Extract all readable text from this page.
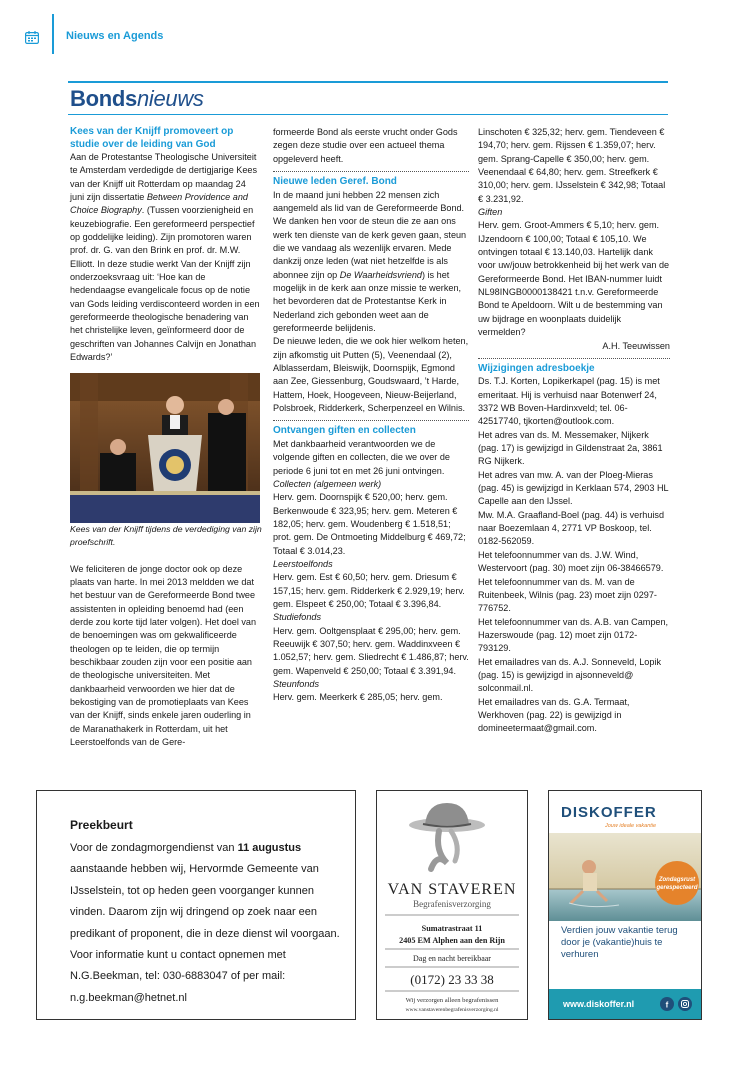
Nieuws en Agends
Bondsnieuws

Kees van der Knijff promoveert op studie over de leiding van God

Aan de Protestantse Theologische Universiteit te Amsterdam verdedigde de dertigjarige Kees van der Knijff uit Rotterdam op maandag 24 juni zijn dissertatie Between Providence and Choice Biography. (Tussen voorzienigheid en keuzebiografie. Een gereformeerd perspectief op goddelijke leiding). Zijn promotoren waren prof. dr. G. van den Brink en prof. dr. M.W. Elliott. In deze studie werkt Van der Knijff zijn onderzoeksvraag uit: ‘Hoe kan de hedendaagse evangelicale focus op de notie van Gods leiding verdisconteerd worden in een gereformeerde theologische benadering van het christelijke leven, geïnformeerd door de geschriften van Johannes Calvijn en Jonathan Edwards?’

Kees van der Knijff tijdens de verdediging van zijn proefschrift.

We feliciteren de jonge doctor ook op deze plaats van harte. In mei 2013 meldden we dat het bestuur van de Gereformeerde Bond twee assistenten in opleiding benoemd had (een derde zou korte tijd later volgen). Het doel van de benoemingen was om gekwalificeerde theologen op te leiden, die op termijn beschikbaar zouden zijn voor een positie aan de theologische universiteiten. Met dankbaarheid verwoorden we hier dat de bekostiging van de promotieplaats van Kees van der Knijff, sinds enkele jaren ouderling in de Maranathakerk in Rotterdam, uit het Leerstoelfonds van de Gere-

formeerde Bond als eerste vrucht onder Gods zegen deze studie over een actueel thema opgeleverd heeft.

Nieuwe leden Geref. Bond

In de maand juni hebben 22 mensen zich aangemeld als lid van de Gereformeerde Bond. We danken hen voor de steun die ze aan ons werk ten dienste van de kerk geven gaan, steun die we vandaag als wezenlijk ervaren. Mede dankzij onze leden (wat niet hetzelfde is als abonnee zijn op De Waarheidsvriend) is het mogelijk in de kerk aan onze missie te werken, het bevorderen dat de Protestantse Kerk in Nederland zich gebonden weet aan de gereformeerde belijdenis.

De nieuwe leden, die we ook hier welkom heten, zijn afkomstig uit Putten (5), Veenendaal (2), Alblasserdam, Bleiswijk, Doornspijk, Egmond aan Zee, Giessenburg, Goudswaard, ’t Harde, Hattem, Hoek, Hoogeveen, Nieuw-Beijerland, Polsbroek, Ridderkerk, Scherpenzeel en Wilnis.

Ontvangen giften en collecten

Met dankbaarheid verantwoorden we de volgende giften en collecten, die we over de periode 6 juni tot en met 26 juni ontvingen.

Collecten (algemeen werk)

Herv. gem. Doornspijk € 520,00; herv. gem. Berkenwoude € 323,95; herv. gem. Meteren € 182,05; herv. gem. Woudenberg € 1.518,51; prot. gem. De Ontmoeting Middelburg € 469,72; Totaal € 3.014,23.

Leerstoelfonds

Herv. gem. Est € 60,50; herv. gem. Driesum € 157,15; herv. gem. Ridderkerk € 2.929,19; herv. gem. Elspeet € 250,00; Totaal € 3.396,84.

Studiefonds

Herv. gem. Ooltgensplaat € 295,00; herv. gem. Reeuwijk € 307,50; herv. gem. Waddinxveen € 1.052,57; herv. gem. Sliedrecht € 1.486,87; herv. gem. Wapenveld € 250,00; Totaal € 3.391,94.

Steunfonds

Herv. gem. Meerkerk € 285,05; herv. gem.

Linschoten € 325,32; herv. gem. Tiendeveen € 194,70; herv. gem. Rijssen € 1.359,07; herv. gem. Sprang-Capelle € 350,00; herv. gem. Veenendaal € 64,80; herv. gem. Streefkerk € 310,00; herv. gem. IJsselstein € 342,98; Totaal € 3.231,92.

Giften

Herv. gem. Groot-Ammers € 5,10; herv. gem. IJzendoorn € 100,00; Totaal € 105,10. We ontvingen totaal € 13.140,03. Hartelijk dank voor uw/jouw betrokkenheid bij het werk van de Gereformeerde Bond. Het IBAN-nummer luidt NL98INGB0000138421 t.n.v. Gereformeerde Bond te Apeldoorn. Wilt u de bestemming van uw bijdrage en woonplaats duidelijk vermelden?

A.H. Teeuwissen

Wijzigingen adresboekje

Ds. T.J. Korten, Lopikerkapel (pag. 15) is met emeritaat. Hij is verhuisd naar Botenwerf 24, 3372 WB Boven-Hardinxveld; tel. 06-42517740, tjkorten@outlook.com.

Het adres van ds. M. Messemaker, Nijkerk (pag. 17) is gewijzigd in Gildenstraat 2a, 3861 RG Nijkerk.

Het adres van mw. A. van der Ploeg-Mieras (pag. 45) is gewijzigd in Kerklaan 574, 2903 HL Capelle aan den IJssel.

Mw. M.A. Graafland-Boel (pag. 44) is verhuisd naar Boezemlaan 4, 2771 VP Boskoop, tel. 0182-562059.

Het telefoonnummer van ds. J.W. Wind, Westervoort (pag. 30) moet zijn 06-38466579.

Het telefoonnummer van ds. M. van de Ruitenbeek, Wilnis (pag. 23) moet zijn 0297-776752.

Het telefoonnummer van ds. A.B. van Campen, Hazerswoude (pag. 12) moet zijn 0172-793129.

Het emailadres van ds. A.J. Sonneveld, Lopik (pag. 15) is gewijzigd in ajsonneveld@ solconmail.nl.

Het emailadres van ds. G.A. Termaat, Werkhoven (pag. 22) is gewijzigd in domineetermaat@gmail.com.

Preekbeurt
Voor de zondagmorgendienst van 11 augustus aanstaande hebben wij, Hervormde Gemeente van IJsselstein, tot op heden geen voorganger kunnen vinden. Daarom zijn wij dringend op zoek naar een predikant of proponent, die in deze dienst wil voorgaan. Voor informatie kunt u contact opnemen met N.G.Beekman, tel: 030-6883047 of per mail: n.g.beekman@hetnet.nl
VAN STAVEREN
Begrafenisverzorging
Sumatrastraat 11
2405 EM Alphen aan den Rijn
Dag en nacht bereikbaar
(0172) 23 33 38
Wij verzorgen alleen begrafenissen
www.vanstaverenbegrafenisverzorging.nl
DISKOFFER
Jouw ideale vakantie
Zondagsrust
gerespecteerd
Verdien jouw vakantie terug door je (vakantie)huis te verhuren
www.diskoffer.nl	f
